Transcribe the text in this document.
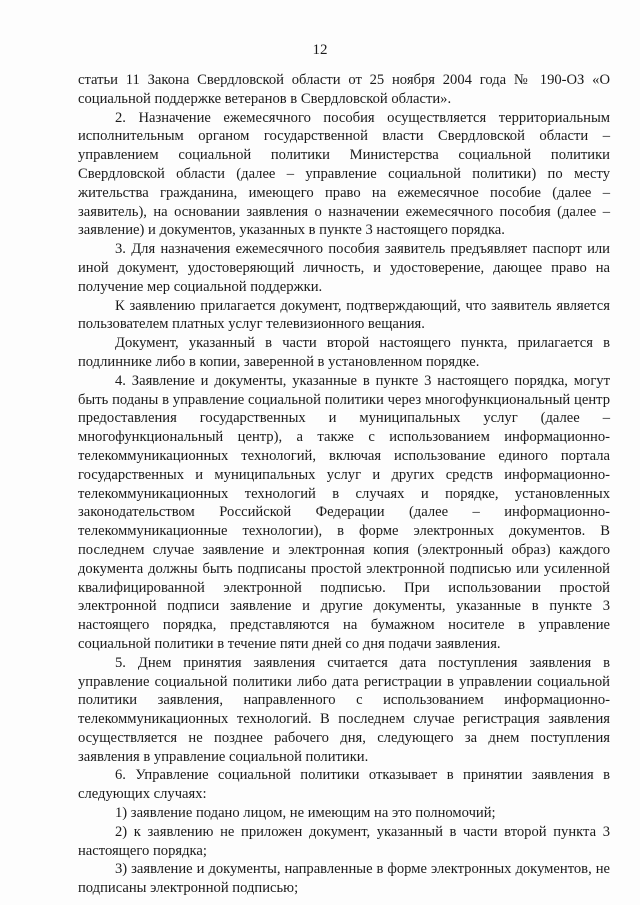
12

статьи 11 Закона Свердловской области от 25 ноября 2004 года № 190-ОЗ «О социальной поддержке ветеранов в Свердловской области».

2. Назначение ежемесячного пособия осуществляется территориальным исполнительным органом государственной власти Свердловской области – управлением социальной политики Министерства социальной политики Свердловской области (далее – управление социальной политики) по месту жительства гражданина, имеющего право на ежемесячное пособие (далее – заявитель), на основании заявления о назначении ежемесячного пособия (далее – заявление) и документов, указанных в пункте 3 настоящего порядка.

3. Для назначения ежемесячного пособия заявитель предъявляет паспорт или иной документ, удостоверяющий личность, и удостоверение, дающее право на получение мер социальной поддержки.

К заявлению прилагается документ, подтверждающий, что заявитель является пользователем платных услуг телевизионного вещания.

Документ, указанный в части второй настоящего пункта, прилагается в подлиннике либо в копии, заверенной в установленном порядке.

4. Заявление и документы, указанные в пункте 3 настоящего порядка, могут быть поданы в управление социальной политики через многофункциональный центр предоставления государственных и муниципальных услуг (далее – многофункциональный центр), а также с использованием информационно-телекоммуникационных технологий, включая использование единого портала государственных и муниципальных услуг и других средств информационно-телекоммуникационных технологий в случаях и порядке, установленных законодательством Российской Федерации (далее – информационно-телекоммуникационные технологии), в форме электронных документов. В последнем случае заявление и электронная копия (электронный образ) каждого документа должны быть подписаны простой электронной подписью или усиленной квалифицированной электронной подписью. При использовании простой электронной подписи заявление и другие документы, указанные в пункте 3 настоящего порядка, представляются на бумажном носителе в управление социальной политики в течение пяти дней со дня подачи заявления.

5. Днем принятия заявления считается дата поступления заявления в управление социальной политики либо дата регистрации в управлении социальной политики заявления, направленного с использованием информационно-телекоммуникационных технологий. В последнем случае регистрация заявления осуществляется не позднее рабочего дня, следующего за днем поступления заявления в управление социальной политики.

6. Управление социальной политики отказывает в принятии заявления в следующих случаях:

1) заявление подано лицом, не имеющим на это полномочий;

2) к заявлению не приложен документ, указанный в части второй пункта 3 настоящего порядка;

3) заявление и документы, направленные в форме электронных документов, не подписаны электронной подписью;
